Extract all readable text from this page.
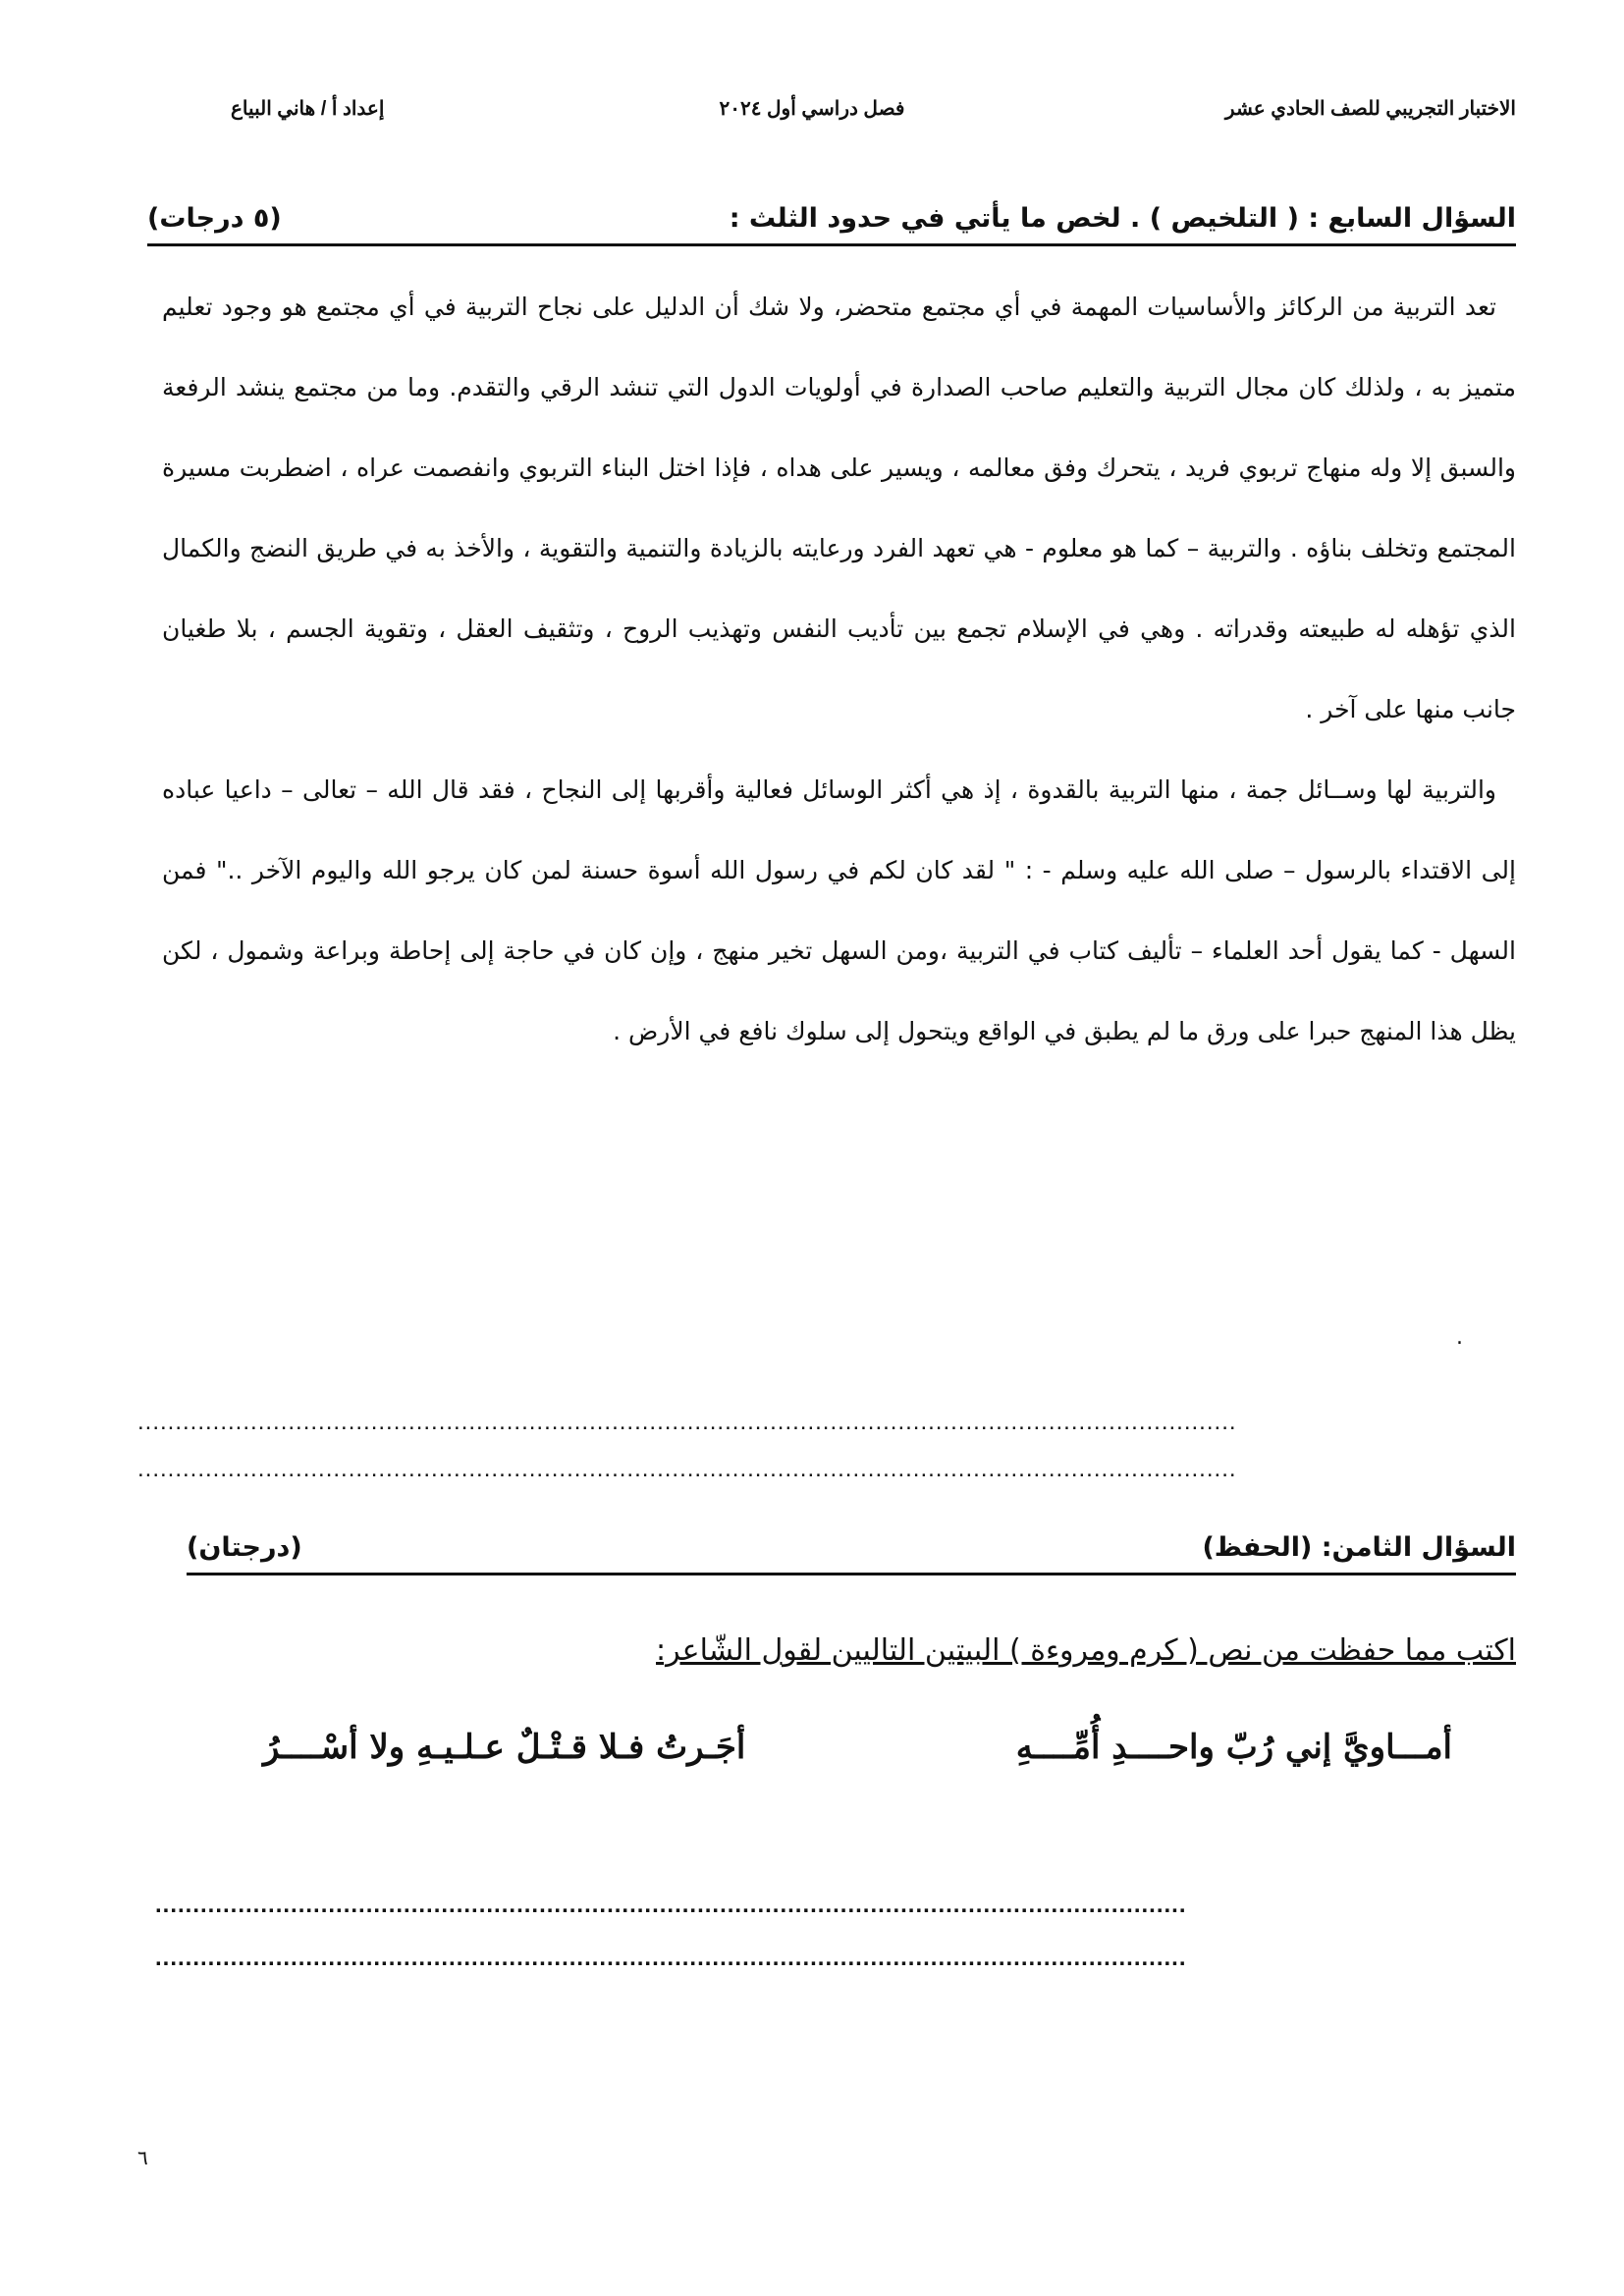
الاختبار التجريبي للصف الحادي عشر
فصل دراسي أول ٢٠٢٤
إعداد أ / هاني البياع
السؤال السابع : ( التلخيص ) . لخص ما يأتي في حدود الثلث :
(٥ درجات)

تعد التربية من الركائز والأساسيات المهمة في أي مجتمع متحضر، ولا شك أن الدليل على نجاح التربية في أي مجتمع هو وجود تعليم متميز به ، ولذلك كان مجال التربية والتعليم صاحب الصدارة في أولويات الدول التي تنشد الرقي والتقدم. وما من مجتمع ينشد الرفعة والسبق إلا وله منهاج تربوي فريد ، يتحرك وفق معالمه ، ويسير على هداه ، فإذا اختل البناء التربوي وانفصمت عراه ، اضطربت مسيرة المجتمع وتخلف بناؤه . والتربية – كما هو معلوم - هي تعهد الفرد ورعايته بالزيادة والتنمية والتقوية ، والأخذ به في طريق النضج والكمال الذي تؤهله له طبيعته وقدراته . وهي في الإسلام تجمع بين تأديب النفس وتهذيب الروح ، وتثقيف العقل ، وتقوية الجسم ، بلا طغيان جانب منها على آخر .

والتربية لها وســائل جمة ، منها التربية بالقدوة ، إذ هي أكثر الوسائل فعالية وأقربها إلى النجاح ، فقد قال الله – تعالى – داعيا عباده إلى الاقتداء بالرسول – صلى الله عليه وسلم - : " لقد كان لكم في رسول الله أسوة حسنة لمن كان يرجو الله واليوم الآخر .." فمن السهل - كما يقول أحد العلماء – تأليف كتاب في التربية ،ومن السهل تخير منهج ، وإن كان في حاجة إلى إحاطة وبراعة وشمول ، لكن يظل هذا المنهج حبرا على ورق ما لم يطبق في الواقع ويتحول إلى سلوك نافع في الأرض .

.
..................................................................................................................................................
..................................................................................................................................................
السؤال الثامن: (الحفظ)
(درجتان)
اكتب مما حفظت من نص ( كرم ومروءة ) البيتين التاليين لقول الشّاعر:
أمـــاويَّ إني رُبّ واحــــدِ أُمِّــــهِ
أجَـرتُ فـلا قـتْـلٌ عـلـيـهِ ولا أسْــــرُ
.........................................................................................................................................
.........................................................................................................................................
٦
